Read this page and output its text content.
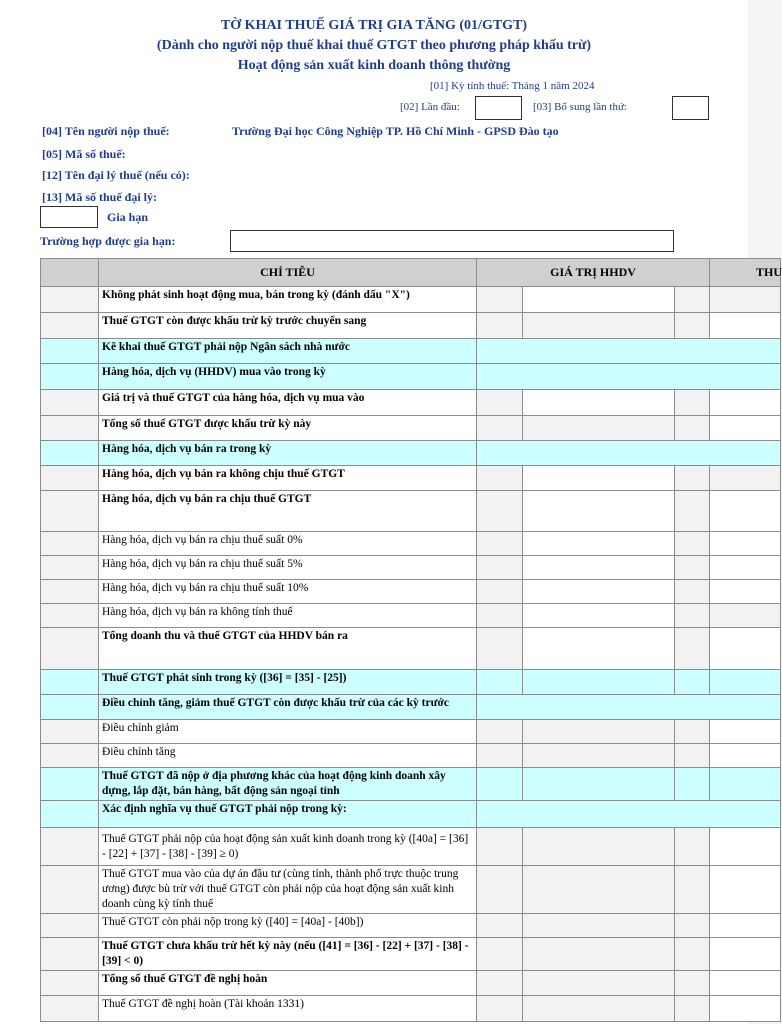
TỜ KHAI THUẾ GIÁ TRỊ GIA TĂNG (01/GTGT)
(Dành cho người nộp thuế khai thuế GTGT theo phương pháp khấu trừ)
Hoạt động sản xuất kinh doanh thông thường
[01] Kỳ tính thuế: Tháng 1 năm 2024
[02] Lần đầu:	[03] Bổ sung lần thứ:
[04] Tên người nộp thuế:	Trường Đại học Công Nghiệp TP. Hồ Chí Minh - GPSD Đào tạo
[05] Mã số thuế:
[12] Tên đại lý thuế (nếu có):
[13] Mã số thuế đại lý:
Gia hạn
Trường hợp được gia hạn:
	CHỈ TIÊU	GIÁ TRỊ HHDV			THU
	Không phát sinh hoạt động mua, bán trong kỳ (đánh dấu "X")				
	Thuế GTGT còn được khấu trừ kỳ trước chuyển sang				
	Kê khai thuế GTGT phải nộp Ngân sách nhà nước				
	Hàng hóa, dịch vụ (HHDV) mua vào trong kỳ				
	Giá trị và thuế GTGT của hàng hóa, dịch vụ mua vào				
	Tổng số thuế GTGT được khấu trừ kỳ này				
	Hàng hóa, dịch vụ bán ra trong kỳ				
	Hàng hóa, dịch vụ bán ra không chịu thuế GTGT				
	Hàng hóa, dịch vụ bán ra chịu thuế GTGT				
	Hàng hóa, dịch vụ bán ra chịu thuế suất 0%				
	Hàng hóa, dịch vụ bán ra chịu thuế suất 5%				
	Hàng hóa, dịch vụ bán ra chịu thuế suất 10%				
	Hàng hóa, dịch vụ bán ra không tính thuế				
	Tổng doanh thu và thuế GTGT của HHDV bán ra				
	Thuế GTGT phát sinh trong kỳ ([36] = [35] - [25])				
	Điều chỉnh tăng, giảm thuế GTGT còn được khấu trừ của các kỳ trước				
	Điều chỉnh giảm				
	Điều chỉnh tăng				
	Thuế GTGT đã nộp ở địa phương khác của hoạt động kinh doanh xây dựng, lắp đặt, bán hàng, bất động sản ngoại tỉnh				
	Xác định nghĩa vụ thuế GTGT phải nộp trong kỳ:				
	Thuế GTGT phải nộp của hoạt động sản xuất kinh doanh trong kỳ ([40a] = [36] - [22] + [37] - [38] - [39] ≥ 0)				
	Thuế GTGT mua vào của dự án đầu tư (cùng tỉnh, thành phố trực thuộc trung ương) được bù trừ với thuế GTGT còn phải nộp của hoạt động sản xuất kinh doanh cùng kỳ tính thuế				
	Thuế GTGT còn phải nộp trong kỳ ([40] = [40a] - [40b])				
	Thuế GTGT chưa khấu trừ hết kỳ này (nếu ([41] = [36] - [22] + [37] - [38] - [39] < 0)				
	Tổng số thuế GTGT đề nghị hoàn				
	Thuế GTGT đề nghị hoàn (Tài khoản 1331)				
